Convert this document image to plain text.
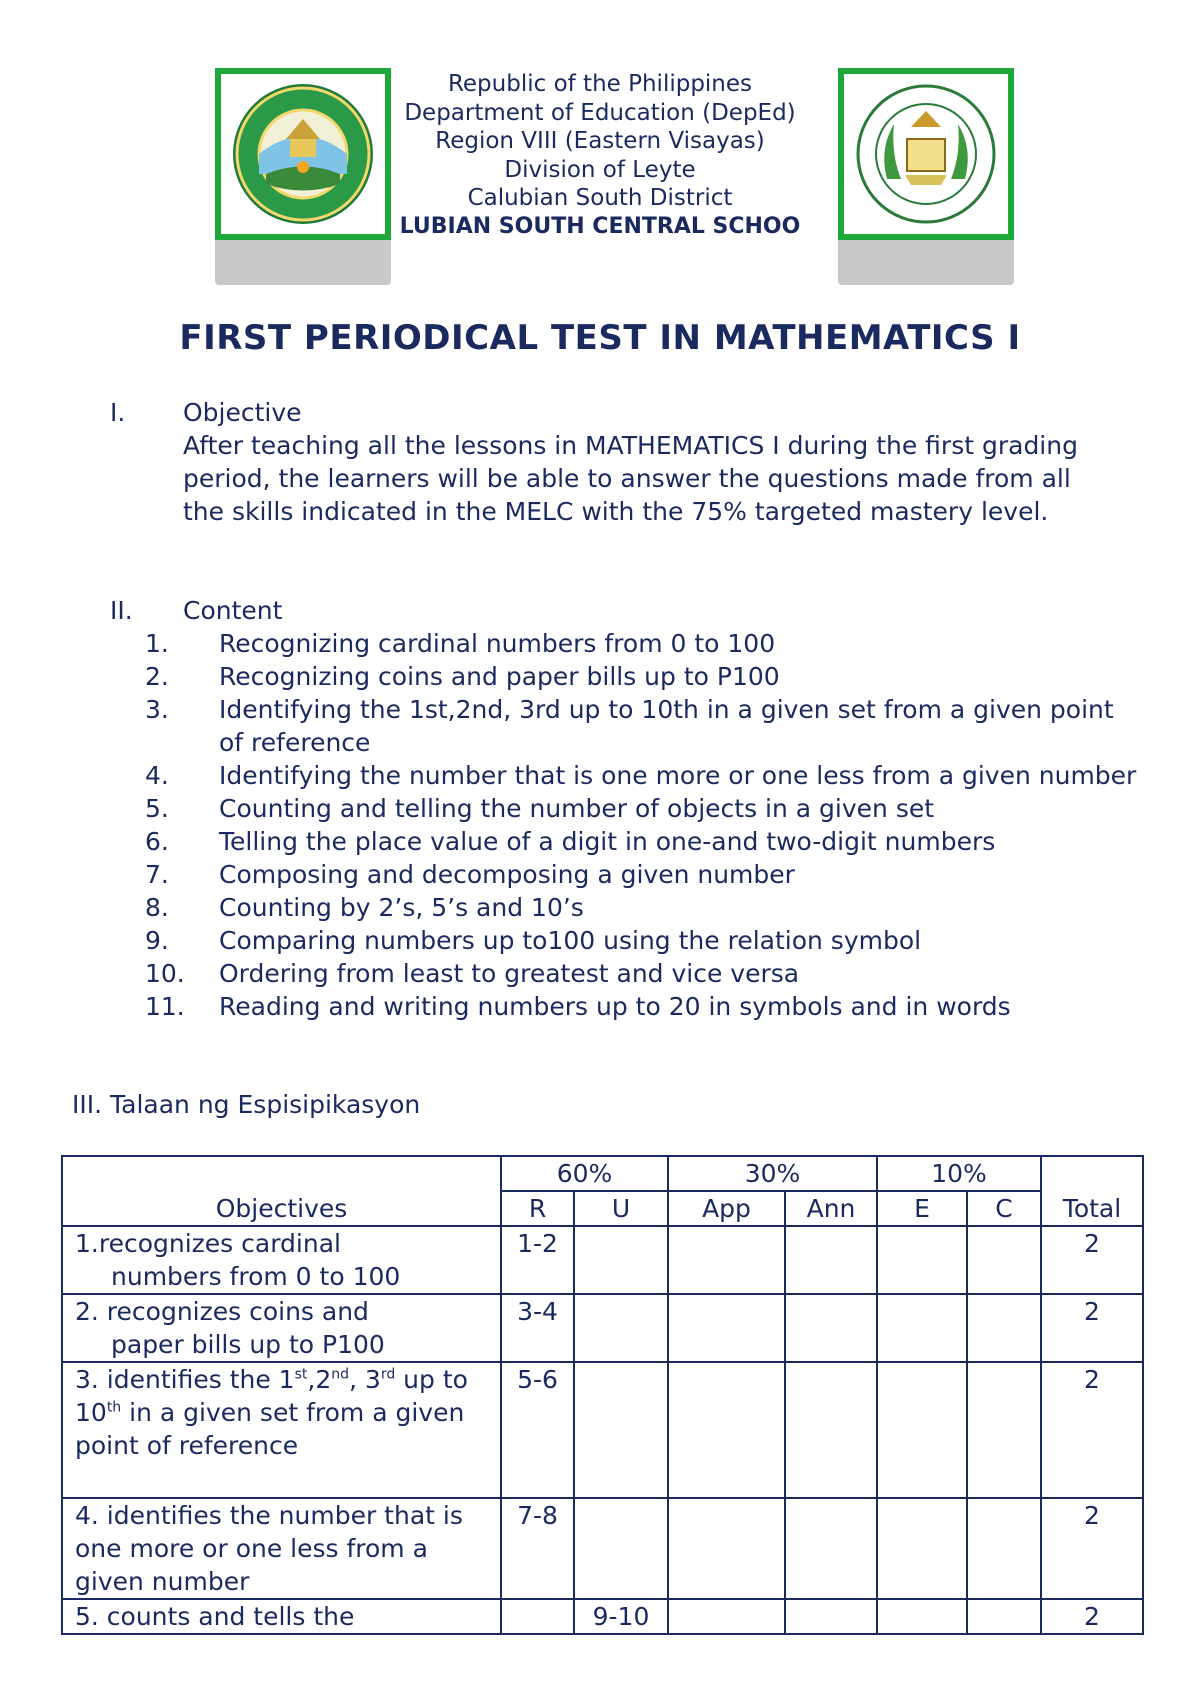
Republic of the Philippines
Department of Education (DepEd)
Region VIII (Eastern Visayas)
Division of Leyte
Calubian South District
LUBIAN SOUTH CENTRAL SCHOO
FIRST PERIODICAL TEST IN MATHEMATICS I
I. Objective
After teaching all the lessons in MATHEMATICS I during the first grading period, the learners will be able to answer the questions made from all the skills indicated in the MELC with the 75% targeted mastery level.
II. Content
1.	Recognizing cardinal numbers from 0 to 100
2.	Recognizing coins and paper bills up to P100
3.	Identifying the 1st,2nd, 3rd up to 10th in a given set from a given point of reference
4.	Identifying the number that is one more or one less from a given number
5.	Counting and telling the number of objects in a given set
6.	Telling the place value of a digit in one-and two-digit numbers
7.	Composing and decomposing a given number
8.	Counting by 2’s, 5’s and 10’s
9.	Comparing numbers up to100 using the relation symbol
10.	Ordering from least to greatest and vice versa
11.	Reading and writing numbers up to 20 in symbols and in words
III. Talaan ng Espisipikasyon
Objectives	60%		30%		10%		Total
	R	U	App	Ann	E	C	
1.recognizes cardinal
numbers from 0 to 100	1-2						2
2. recognizes coins and
paper bills up to P100	3-4						2
3. identifies the 1st,2nd, 3rd up to 10th in a given set from a given point of reference	5-6						2
4. identifies the number that is one more or one less from a given number	7-8						2
5. counts and tells the		9-10					2
